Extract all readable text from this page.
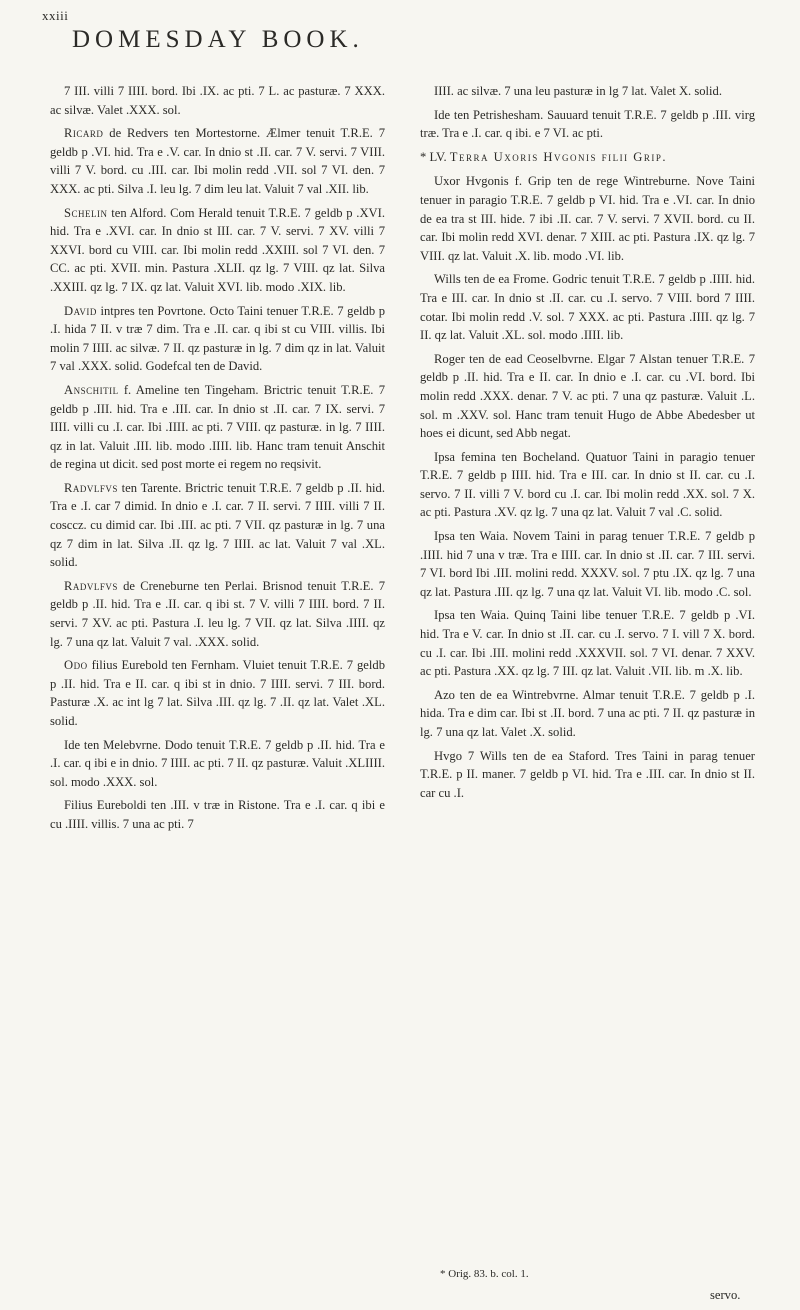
xxiii
DOMESDAY BOOK.

7 III. villi 7 IIII. bord. Ibi .IX. ac pti. 7 L. ac pasturæ. 7 XXX. ac silvæ. Valet .XXX. sol.

Ricard de Redvers ten Mortestorne. Ælmer tenuit T.R.E. 7 geldb p .VI. hid. Tra e .V. car. In dnio st .II. car. 7 V. servi. 7 VIII. villi 7 V. bord. cu .III. car. Ibi molin redd .VII. sol 7 VI. den. 7 XXX. ac pti. Silva .I. leu lg. 7 dim leu lat. Valuit 7 val .XII. lib.

Schelin ten Alford. Com Herald tenuit T.R.E. 7 geldb p .XVI. hid. Tra e .XVI. car. In dnio st III. car. 7 V. servi. 7 XV. villi 7 XXVI. bord cu VIII. car. Ibi molin redd .XXIII. sol 7 VI. den. 7 CC. ac pti. XVII. min. Pastura .XLII. qz lg. 7 VIII. qz lat. Silva .XXIII. qz lg. 7 IX. qz lat. Valuit XVI. lib. modo .XIX. lib.

David intpres ten Povrtone. Octo Taini tenuer T.R.E. 7 geldb p .I. hida 7 II. v træ 7 dim. Tra e .II. car. q ibi st cu VIII. villis. Ibi molin 7 IIII. ac silvæ. 7 II. qz pasturæ in lg. 7 dim qz in lat. Valuit 7 val .XXX. solid. Godefcal ten de David.

Anschitil f. Ameline ten Tingeham. Brictric tenuit T.R.E. 7 geldb p .III. hid. Tra e .III. car. In dnio st .II. car. 7 IX. servi. 7 IIII. villi cu .I. car. Ibi .IIII. ac pti. 7 VIII. qz pasturæ. in lg. 7 IIII. qz in lat. Valuit .III. lib. modo .IIII. lib. Hanc tram tenuit Anschit de regina ut dicit. sed post morte ei regem no reqsivit.

Radvlfvs ten Tarente. Brictric tenuit T.R.E. 7 geldb p .II. hid. Tra e .I. car 7 dimid. In dnio e .I. car. 7 II. servi. 7 IIII. villi 7 II. cosccz. cu dimid car. Ibi .III. ac pti. 7 VII. qz pasturæ in lg. 7 una qz 7 dim in lat. Silva .II. qz lg. 7 IIII. ac lat. Valuit 7 val .XL. solid.

Radvlfvs de Creneburne ten Perlai. Brisnod tenuit T.R.E. 7 geldb p .II. hid. Tra e .II. car. q ibi st. 7 V. villi 7 IIII. bord. 7 II. servi. 7 XV. ac pti. Pastura .I. leu lg. 7 VII. qz lat. Silva .IIII. qz lg. 7 una qz lat. Valuit 7 val. .XXX. solid.

Odo filius Eurebold ten Fernham. Vluiet tenuit T.R.E. 7 geldb p .II. hid. Tra e II. car. q ibi st in dnio. 7 IIII. servi. 7 III. bord. Pasturæ .X. ac int lg 7 lat. Silva .III. qz lg. 7 .II. qz lat. Valet .XL. solid.

Ide ten Melebvrne. Dodo tenuit T.R.E. 7 geldb p .II. hid. Tra e .I. car. q ibi e in dnio. 7 IIII. ac pti. 7 II. qz pasturæ. Valuit .XLIIII. sol. modo .XXX. sol.

Filius Eureboldi ten .III. v træ in Ristone. Tra e .I. car. q ibi e cu .IIII. villis. 7 una ac pti. 7

IIII. ac silvæ. 7 una leu pasturæ in lg 7 lat. Valet X. solid.

Ide ten Petrishesham. Sauuard tenuit T.R.E. 7 geldb p .III. virg træ. Tra e .I. car. q ibi. e 7 VI. ac pti.

* LV. Terra Uxoris Hvgonis filii Grip.

Uxor Hvgonis f. Grip ten de rege Wintreburne. Nove Taini tenuer in paragio T.R.E. 7 geldb p VI. hid. Tra e .VI. car. In dnio de ea tra st III. hide. 7 ibi .II. car. 7 V. servi. 7 XVII. bord. cu II. car. Ibi molin redd XVI. denar. 7 XIII. ac pti. Pastura .IX. qz lg. 7 VIII. qz lat. Valuit .X. lib. modo .VI. lib.

Wills ten de ea Frome. Godric tenuit T.R.E. 7 geldb p .IIII. hid. Tra e III. car. In dnio st .II. car. cu .I. servo. 7 VIII. bord 7 IIII. cotar. Ibi molin redd .V. sol. 7 XXX. ac pti. Pastura .IIII. qz lg. 7 II. qz lat. Valuit .XL. sol. modo .IIII. lib.

Roger ten de ead Ceoselbvrne. Elgar 7 Alstan tenuer T.R.E. 7 geldb p .II. hid. Tra e II. car. In dnio e .I. car. cu .VI. bord. Ibi molin redd .XXX. denar. 7 V. ac pti. 7 una qz pasturæ. Valuit .L. sol. m .XXV. sol. Hanc tram tenuit Hugo de Abbe Abedesber ut hoes ei dicunt, sed Abb negat.

Ipsa femina ten Bocheland. Quatuor Taini in paragio tenuer T.R.E. 7 geldb p IIII. hid. Tra e III. car. In dnio st II. car. cu .I. servo. 7 II. villi 7 V. bord cu .I. car. Ibi molin redd .XX. sol. 7 X. ac pti. Pastura .XV. qz lg. 7 una qz lat. Valuit 7 val .C. solid.

Ipsa ten Waia. Novem Taini in parag tenuer T.R.E. 7 geldb p .IIII. hid 7 una v træ. Tra e IIII. car. In dnio st .II. car. 7 III. servi. 7 VI. bord Ibi .III. molini redd. XXXV. sol. 7 ptu .IX. qz lg. 7 una qz lat. Pastura .III. qz lg. 7 una qz lat. Valuit VI. lib. modo .C. sol.

Ipsa ten Waia. Quinq Taini libe tenuer T.R.E. 7 geldb p .VI. hid. Tra e V. car. In dnio st .II. car. cu .I. servo. 7 I. vill 7 X. bord. cu .I. car. Ibi .III. molini redd .XXXVII. sol. 7 VI. denar. 7 XXV. ac pti. Pastura .XX. qz lg. 7 III. qz lat. Valuit .VII. lib. m .X. lib.

Azo ten de ea Wintrebvrne. Almar tenuit T.R.E. 7 geldb p .I. hida. Tra e dim car. Ibi st .II. bord. 7 una ac pti. 7 II. qz pasturæ in lg. 7 una qz lat. Valet .X. solid.

Hvgo 7 Wills ten de ea Staford. Tres Taini in parag tenuer T.R.E. p II. maner. 7 geldb p VI. hid. Tra e .III. car. In dnio st II. car cu .I.

* Orig. 83. b. col. 1.
servo.
